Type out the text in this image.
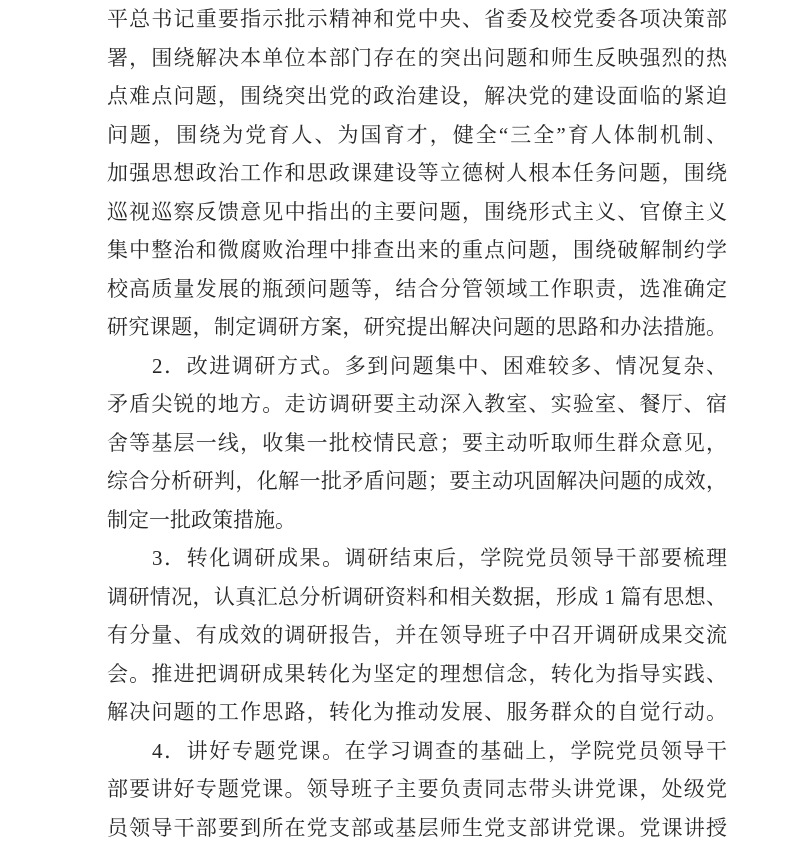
平总书记重要指示批示精神和党中央、省委及校党委各项决策部
署，围绕解决本单位本部门存在的突出问题和师生反映强烈的热
点难点问题，围绕突出党的政治建设，解决党的建设面临的紧迫
问题，围绕为党育人、为国育才，健全“三全”育人体制机制、
加强思想政治工作和思政课建设等立德树人根本任务问题，围绕
巡视巡察反馈意见中指出的主要问题，围绕形式主义、官僚主义
集中整治和微腐败治理中排查出来的重点问题，围绕破解制约学
校高质量发展的瓶颈问题等，结合分管领域工作职责，选准确定
研究课题，制定调研方案，研究提出解决问题的思路和办法措施。
2．改进调研方式。多到问题集中、困难较多、情况复杂、
矛盾尖锐的地方。走访调研要主动深入教室、实验室、餐厅、宿
舍等基层一线，收集一批校情民意；要主动听取师生群众意见，
综合分析研判，化解一批矛盾问题；要主动巩固解决问题的成效，
制定一批政策措施。
3．转化调研成果。调研结束后，学院党员领导干部要梳理
调研情况，认真汇总分析调研资料和相关数据，形成 1 篇有思想、
有分量、有成效的调研报告，并在领导班子中召开调研成果交流
会。推进把调研成果转化为坚定的理想信念，转化为指导实践、
解决问题的工作思路，转化为推动发展、服务群众的自觉行动。
4．讲好专题党课。在学习调查的基础上，学院党员领导干
部要讲好专题党课。领导班子主要负责同志带头讲党课，处级党
员领导干部要到所在党支部或基层师生党支部讲党课。党课讲授
